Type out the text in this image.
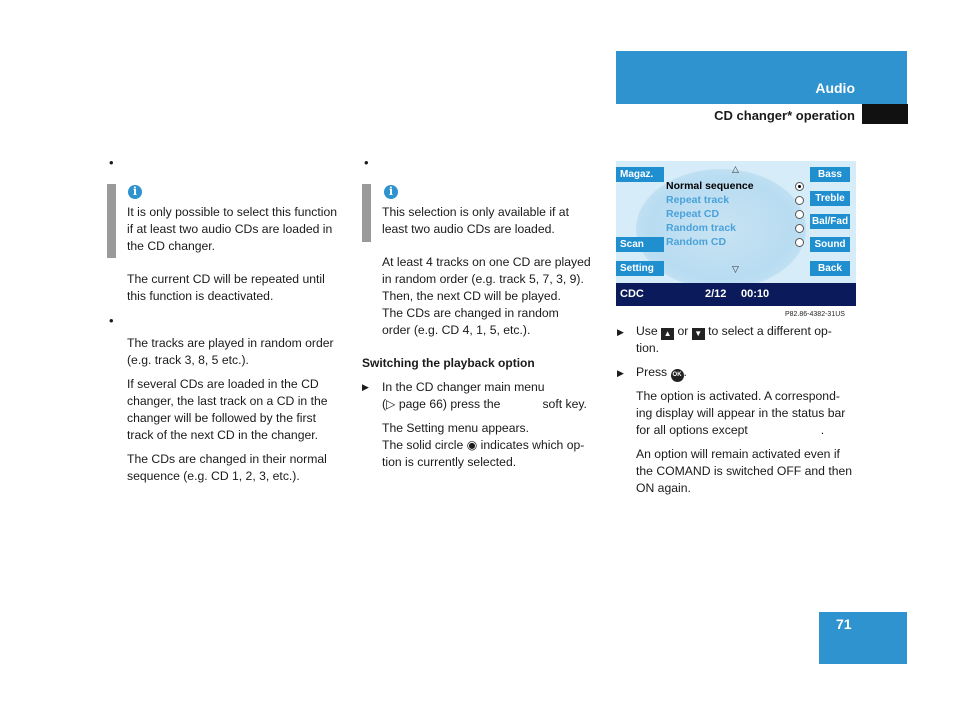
Audio
CD changer* operation
•
i
It is only possible to select this function
if at least two audio CDs are loaded in
the CD changer.
The current CD will be repeated until
this function is deactivated.
•
The tracks are played in random order
(e.g. track 3, 8, 5 etc.).
If several CDs are loaded in the CD
changer, the last track on a CD in the
changer will be followed by the first
track of the next CD in the changer.
The CDs are changed in their normal
sequence (e.g. CD 1, 2, 3, etc.).
•
i
This selection is only available if at
least two audio CDs are loaded.
At least 4 tracks on one CD are played
in random order (e.g. track 5, 7, 3, 9).
Then, the next CD will be played.
The CDs are changed in random
order (e.g. CD 4, 1, 5, etc.).
Switching the playback option
▶ In the CD changer main menu
(▷ page 66) press the	soft key.
The Setting menu appears.
The solid circle ◉ indicates which op-
tion is currently selected.
Magaz.
Scan
Setting
Bass
Treble
Bal/Fad
Sound
Back
△
▽
Normal sequence
Repeat track
Repeat CD
Random track
Random CD
CDC	2/12 00:10
P82.86-4382-31US
▶ Use ▲ or ▼ to select a different op-
tion.
▶ Press OK .
The option is activated. A correspond-
ing display will appear in the status bar
for all options except	.
An option will remain activated even if
the COMAND is switched OFF and then
ON again.
71
